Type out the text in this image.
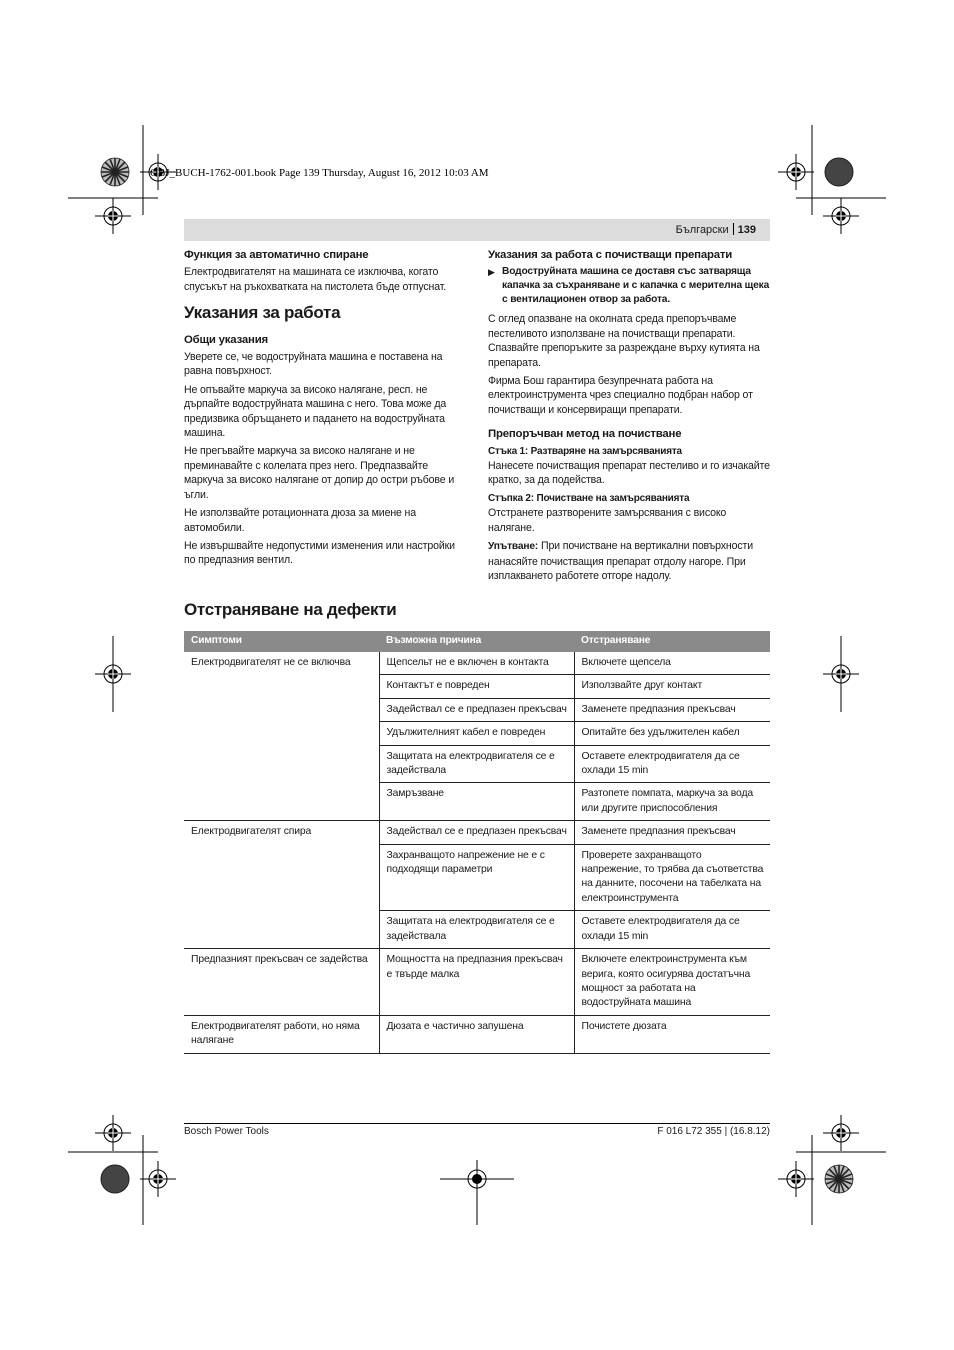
OBJ_BUCH-1762-001.book Page 139 Thursday, August 16, 2012 10:03 AM
Български 139
Функция за автоматично спиране

Електродвигателят на машината се изключва, когато спусъкът на ръкохватката на пистолета бъде отпуснат.

Указания за работа
Общи указания

Уверете се, че водоструйната машина е поставена на равна повърхност.

Не опъвайте маркуча за високо налягане, респ. не дърпайте водоструйната машина с него. Това може да предизвика обръщането и падането на водоструйната машина.

Не прегъвайте маркуча за високо налягане и не преминавайте с колелата през него. Предпазвайте маркуча за високо налягане от допир до остри ръбове и ъгли.

Не използвайте ротационната дюза за миене на автомобили.

Не извършвайте недопустими изменения или настройки по предпазния вентил.

Указания за работа с почистващи препарати
▶ Водоструйната машина се доставя със затваряща капачка за съхраняване и с капачка с мерителна щека с вентилационен отвор за работа.

С оглед опазване на околната среда препоръчваме пестеливото използване на почистващи препарати. Спазвайте препоръките за разреждане върху кутията на препарата.

Фирма Бош гарантира безупречната работа на електроинструмента чрез специално подбран набор от почистващи и консервиращи препарати.

Препоръчван метод на почистване
Стъка 1: Разтваряне на замърсяванията

Нанесете почистващия препарат пестеливо и го изчакайте кратко, за да подейства.

Стъпка 2: Почистване на замърсяванията

Отстранете разтворените замърсявания с високо налягане.

Упътване: При почистване на вертикални повърхности нанасяйте почистващия препарат отдолу нагоре. При изплакването работете отгоре надолу.

Отстраняване на дефекти
Симптоми	Възможна причина	Отстраняване
Електродвигателят не се включва	Щепсельт не е включен в контакта	Включете щепсела
	Контактът е повреден	Използвайте друг контакт
	Задействал се е предпазен прекъсвач	Заменете предпазния прекъсвач
	Удължителният кабел е повреден	Опитайте без удължителен кабел
	Защитата на електродвигателя се е задействала	Оставете електродвигателя да се охлади 15 min
	Замръзване	Разтопете помпата, маркуча за вода или другите приспособления
Електродвигателят спира	Задействал се е предпазен прекъсвач	Заменете предпазния прекъсвач
	Захранващото напрежение не е с подходящи параметри	Проверете захранващото напрежение, то трябва да съответства на данните, посочени на табелката на електроинструмента
	Защитата на електродвигателя се е задействала	Оставете електродвигателя да се охлади 15 min
Предпазният прекъсвач се задейства	Мощността на предпазния прекъсвач е твърде малка	Включете електроинструмента към верига, която осигурява достатъчна мощност за работата на водоструйната машина
Електродвигателят работи, но няма налягане	Дюзата е частично запушена	Почистете дюзата
Bosch Power Tools	F 016 L72 355 | (16.8.12)
